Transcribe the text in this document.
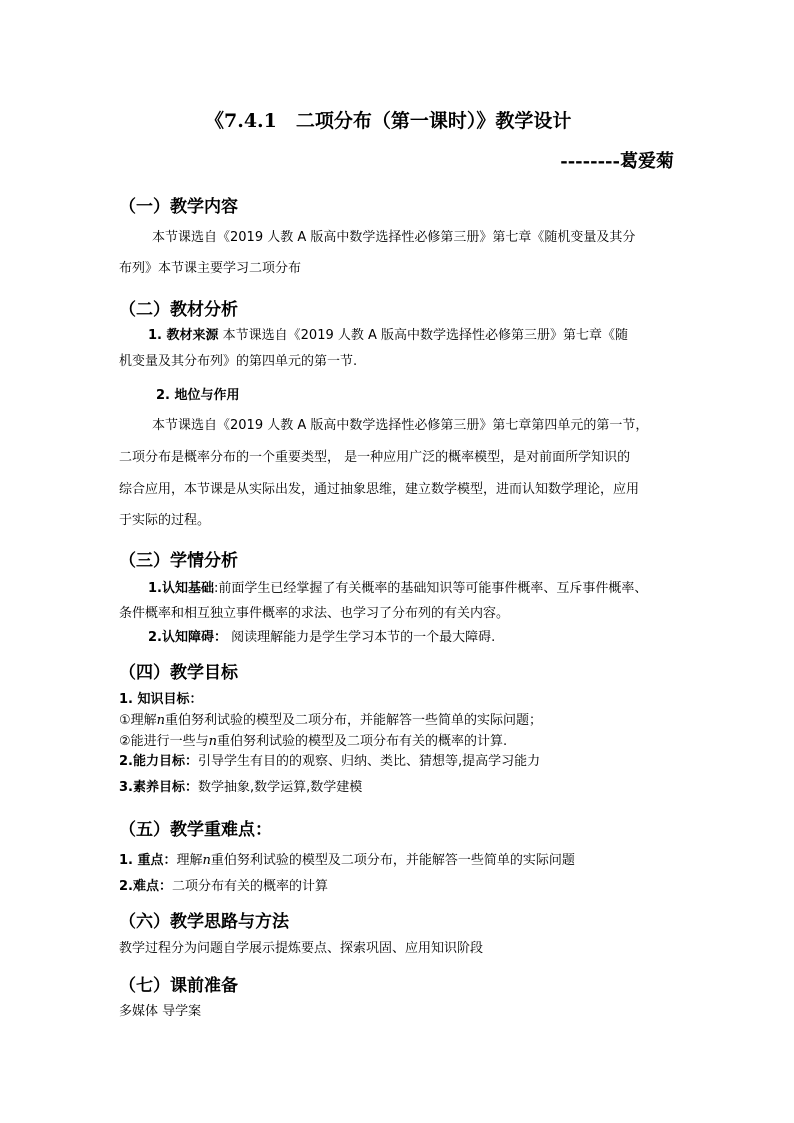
《7.4.1　二项分布（第一课时）》教学设计
--------葛爱菊
（一）教学内容
本节课选自《2019 人教 A 版高中数学选择性必修第三册》第七章《随机变量及其分
布列》本节课主要学习二项分布
（二）教材分析
1. 教材来源 本节课选自《2019 人教 A 版高中数学选择性必修第三册》第七章《随
机变量及其分布列》的第四单元的第一节.
2. 地位与作用
本节课选自《2019 人教 A 版高中数学选择性必修第三册》第七章第四单元的第一节，
二项分布是概率分布的一个重要类型， 是一种应用广泛的概率模型，是对前面所学知识的
综合应用，本节课是从实际出发，通过抽象思维，建立数学模型，进而认知数学理论，应用
于实际的过程。
（三）学情分析
1.认知基础:前面学生已经掌握了有关概率的基础知识等可能事件概率、互斥事件概率、
条件概率和相互独立事件概率的求法、也学习了分布列的有关内容。
2.认知障碍： 阅读理解能力是学生学习本节的一个最大障碍.
（四）教学目标
1. 知识目标：
①理解n重伯努利试验的模型及二项分布，并能解答一些简单的实际问题；
②能进行一些与n重伯努利试验的模型及二项分布有关的概率的计算.
2.能力目标：引导学生有目的的观察、归纳、类比、猜想等,提高学习能力
3.素养目标：数学抽象,数学运算,数学建模
（五）教学重难点：
1. 重点：理解n重伯努利试验的模型及二项分布，并能解答一些简单的实际问题
2.难点：二项分布有关的概率的计算
（六）教学思路与方法
教学过程分为问题自学展示提炼要点、探索巩固、应用知识阶段
（七）课前准备
多媒体 导学案
